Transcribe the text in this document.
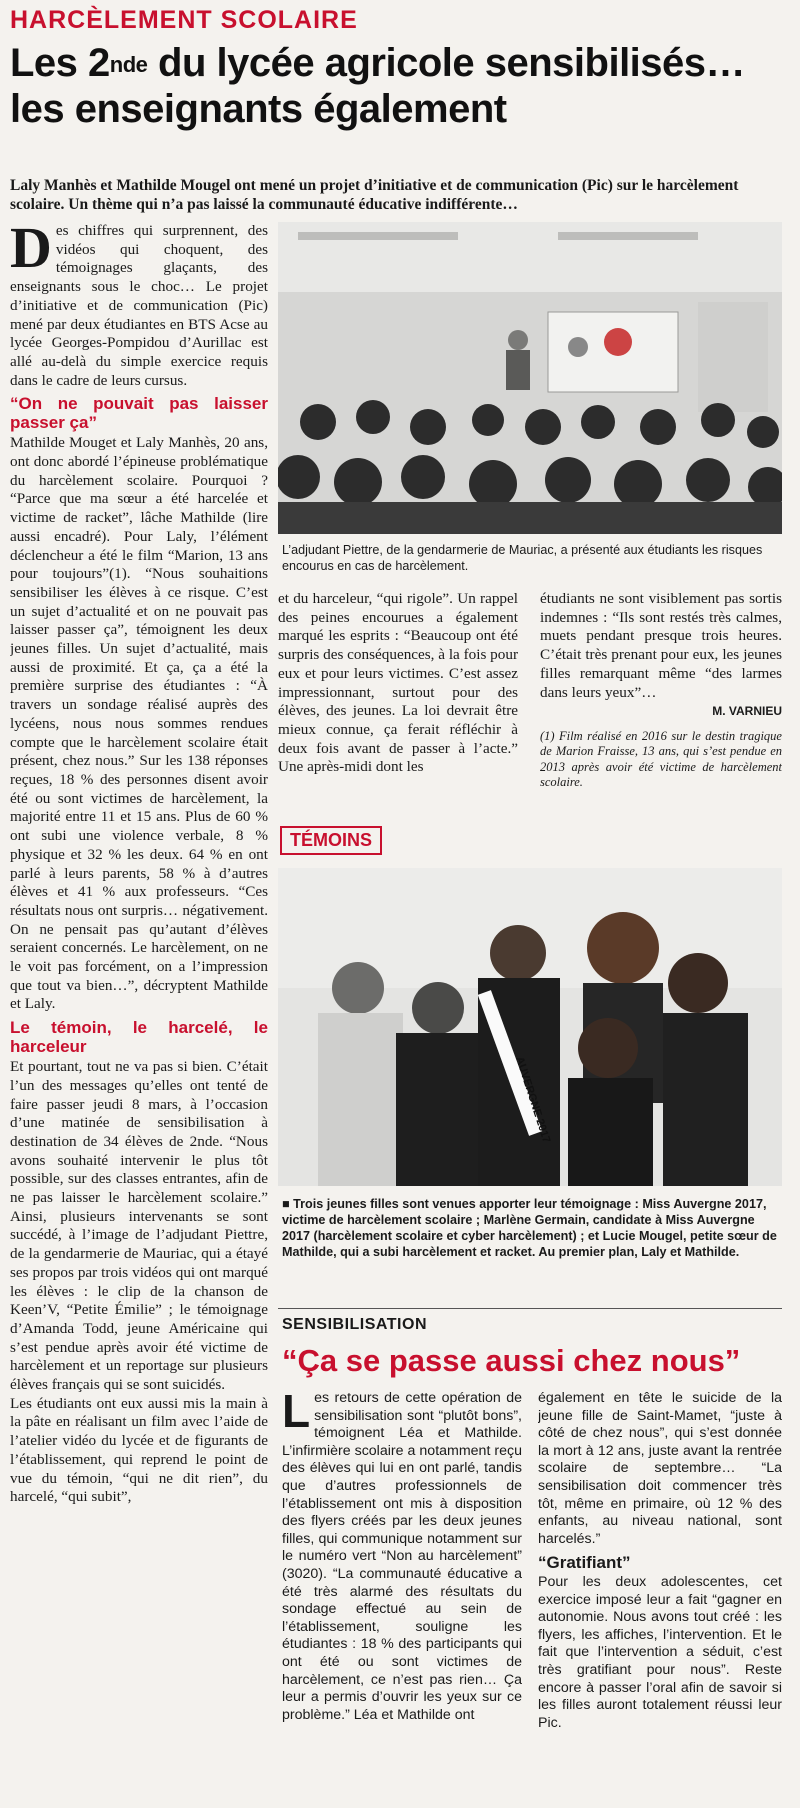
HARCÈLEMENT SCOLAIRE
Les 2nde du lycée agricole sensibilisés…
les enseignants également
Laly Manhès et Mathilde Mougel ont mené un projet d’initiative et de communication (Pic) sur le harcèlement scolaire. Un thème qui n’a pas laissé la communauté éducative indifférente…

Des chiffres qui surprennent, des vidéos qui choquent, des témoignages glaçants, des enseignants sous le choc… Le projet d’initiative et de communication (Pic) mené par deux étudiantes en BTS Acse au lycée Georges-Pompidou d’Aurillac est allé au-delà du simple exercice requis dans le cadre de leurs cursus.

“On ne pouvait pas laisser passer ça”

Mathilde Mouget et Laly Manhès, 20 ans, ont donc abordé l’épineuse problématique du harcèlement scolaire. Pourquoi ? “Parce que ma sœur a été harcelée et victime de racket”, lâche Mathilde (lire aussi encadré). Pour Laly, l’élément déclencheur a été le film “Marion, 13 ans pour toujours”(1). “Nous souhaitions sensibiliser les élèves à ce risque. C’est un sujet d’actualité et on ne pouvait pas laisser passer ça”, témoignent les deux jeunes filles. Un sujet d’actualité, mais aussi de proximité. Et ça, ça a été la première surprise des étudiantes : “À travers un sondage réalisé auprès des lycéens, nous nous sommes rendues compte que le harcèlement scolaire était présent, chez nous.” Sur les 138 réponses reçues, 18 % des personnes disent avoir été ou sont victimes de harcèlement, la majorité entre 11 et 15 ans. Plus de 60 % ont subi une violence verbale, 8 % physique et 32 % les deux. 64 % en ont parlé à leurs parents, 58 % à d’autres élèves et 41 % aux professeurs. “Ces résultats nous ont surpris… négativement. On ne pensait pas qu’autant d’élèves seraient concernés. Le harcèlement, on ne le voit pas forcément, on a l’impression que tout va bien…”, décryptent Mathilde et Laly.

Le témoin, le harcelé, le harceleur

Et pourtant, tout ne va pas si bien. C’était l’un des messages qu’elles ont tenté de faire passer jeudi 8 mars, à l’occasion d’une matinée de sensibilisation à destination de 34 élèves de 2nde. “Nous avons souhaité intervenir le plus tôt possible, sur des classes entrantes, afin de ne pas laisser le harcèlement scolaire.” Ainsi, plusieurs intervenants se sont succédé, à l’image de l’adjudant Piettre, de la gendarmerie de Mauriac, qui a étayé ses propos par trois vidéos qui ont marqué les élèves : le clip de la chanson de Keen’V, “Petite Émilie” ; le témoignage d’Amanda Todd, jeune Américaine qui s’est pendue après avoir été victime de harcèlement et un reportage sur plusieurs élèves français qui se sont suicidés.

Les étudiants ont eux aussi mis la main à la pâte en réalisant un film avec l’aide de l’atelier vidéo du lycée et de figurants de l’établissement, qui reprend le point de vue du témoin, “qui ne dit rien”, du harcelé, “qui subit”,

L’adjudant Piettre, de la gendarmerie de Mauriac, a présenté aux étudiants les risques encourus en cas de harcèlement.

et du harceleur, “qui rigole”. Un rappel des peines encourues a également marqué les esprits : “Beaucoup ont été surpris des conséquences, à la fois pour eux et pour leurs victimes. C’est assez impressionnant, surtout pour des élèves, des jeunes. La loi devrait être mieux connue, ça ferait réfléchir à deux fois avant de passer à l’acte.” Une après-midi dont les

étudiants ne sont visiblement pas sortis indemnes : “Ils sont restés très calmes, muets pendant presque trois heures. C’était très prenant pour eux, les jeunes filles remarquant même “des larmes dans leurs yeux”…

M. VARNIEU

(1) Film réalisé en 2016 sur le destin tragique de Marion Fraisse, 13 ans, qui s’est pendue en 2013 après avoir été victime de harcèlement scolaire.

TÉMOINS
AUVERGNE 2017
■ Trois jeunes filles sont venues apporter leur témoignage : Miss Auvergne 2017, victime de harcèlement scolaire ; Marlène Germain, candidate à Miss Auvergne 2017 (harcèlement scolaire et cyber harcèlement) ; et Lucie Mougel, petite sœur de Mathilde, qui a subi harcèlement et racket. Au premier plan, Laly et Mathilde.
SENSIBILISATION
“Ça se passe aussi chez nous”

Les retours de cette opération de sensibilisation sont “plutôt bons”, témoignent Léa et Mathilde. L’infirmière scolaire a notamment reçu des élèves qui lui en ont parlé, tandis que d’autres professionnels de l’établissement ont mis à disposition des flyers créés par les deux jeunes filles, qui communique notamment sur le numéro vert “Non au harcèlement” (3020). “La communauté éducative a été très alarmé des résultats du sondage effectué au sein de l’établissement, souligne les étudiantes : 18 % des participants qui ont été ou sont victimes de harcèlement, ce n’est pas rien… Ça leur a permis d’ouvrir les yeux sur ce problème.” Léa et Mathilde ont

également en tête le suicide de la jeune fille de Saint-Mamet, “juste à côté de chez nous”, qui s’est donnée la mort à 12 ans, juste avant la rentrée scolaire de septembre… “La sensibilisation doit commencer très tôt, même en primaire, où 12 % des enfants, au niveau national, sont harcelés.”

“Gratifiant”

Pour les deux adolescentes, cet exercice imposé leur a fait “gagner en autonomie. Nous avons tout créé : les flyers, les affiches, l’intervention. Et le fait que l’intervention a séduit, c’est très gratifiant pour nous”. Reste encore à passer l’oral afin de savoir si les filles auront totalement réussi leur Pic.
